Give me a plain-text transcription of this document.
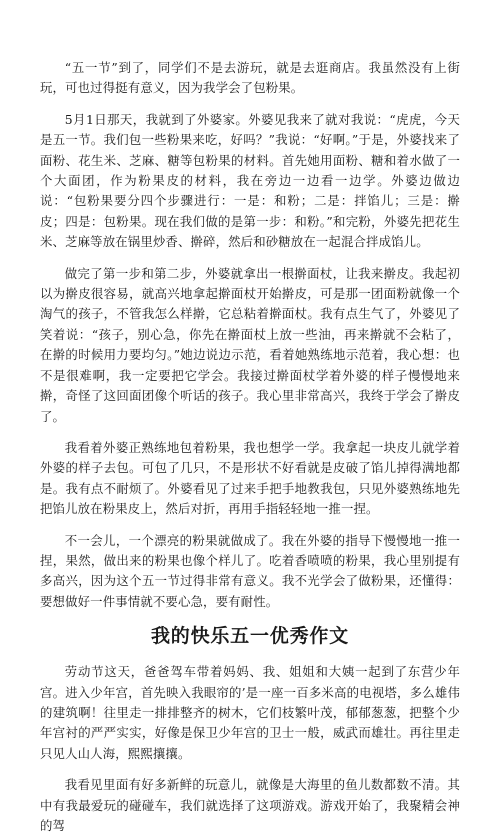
“五一节”到了，同学们不是去游玩，就是去逛商店。我虽然没有上街玩，可也过得挺有意义，因为我学会了包粉果。

5月1日那天，我就到了外婆家。外婆见我来了就对我说：“虎虎，今天是五一节。我们包一些粉果来吃，好吗？”我说：“好啊。”于是，外婆找来了面粉、花生米、芝麻、糖等包粉果的材料。首先她用面粉、糖和着水做了一个大面团，作为粉果皮的材料，我在旁边一边看一边学。外婆边做边说：“包粉果要分四个步骤进行：一是：和粉；二是：拌馅儿；三是：擀皮；四是：包粉果。现在我们做的是第一步：和粉。”和完粉，外婆先把花生米、芝麻等放在锅里炒香、擀碎，然后和砂糖放在一起混合拌成馅儿。

做完了第一步和第二步，外婆就拿出一根擀面杖，让我来擀皮。我起初以为擀皮很容易，就高兴地拿起擀面杖开始擀皮，可是那一团面粉就像一个淘气的孩子，不管我怎么样擀，它总粘着擀面杖。我有点生气了，外婆见了笑着说：“孩子，别心急，你先在擀面杖上放一些油，再来擀就不会粘了，在擀的时候用力要均匀。”她边说边示范，看着她熟练地示范着，我心想：也不是很难啊，我一定要把它学会。我接过擀面杖学着外婆的样子慢慢地来擀，奇怪了这回面团像个听话的孩子。我心里非常高兴，我终于学会了擀皮了。

我看着外婆正熟练地包着粉果，我也想学一学。我拿起一块皮儿就学着外婆的样子去包。可包了几只，不是形状不好看就是皮破了馅儿掉得满地都是。我有点不耐烦了。外婆看见了过来手把手地教我包，只见外婆熟练地先把馅儿放在粉果皮上，然后对折，再用手指轻轻地一推一捏。

不一会儿，一个漂亮的粉果就做成了。我在外婆的指导下慢慢地一推一捏，果然，做出来的粉果也像个样儿了。吃着香喷喷的粉果，我心里别提有多高兴，因为这个五一节过得非常有意义。我不光学会了做粉果，还懂得：要想做好一件事情就不要心急，要有耐性。

我的快乐五一优秀作文

劳动节这天，爸爸驾车带着妈妈、我、姐姐和大姨一起到了东营少年宫。进入少年宫，首先映入我眼帘的’是一座一百多米高的电视塔，多么雄伟的建筑啊！往里走一排排整齐的树木，它们枝繁叶茂，郁郁葱葱，把整个少年宫衬的严严实实，好像是保卫少年宫的卫士一般，威武而雄壮。再往里走只见人山人海，熙熙攘攘。

我看见里面有好多新鲜的玩意儿，就像是大海里的鱼儿数都数不清。其中有我最爱玩的碰碰车，我们就选择了这项游戏。游戏开始了，我聚精会神的驾
